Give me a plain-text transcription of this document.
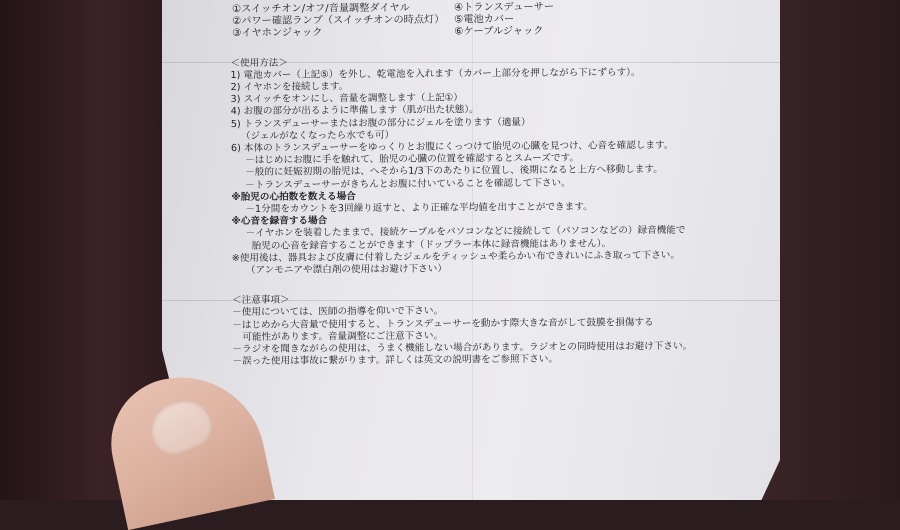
①スイッチオン/オフ/音量調整ダイヤル
②パワー確認ランプ（スイッチオンの時点灯）
③イヤホンジャック
④トランスデューサー
⑤電池カバー
⑥ケーブルジャック
＜使用方法＞
1) 電池カバー（上記⑤）を外し、乾電池を入れます（カバー上部分を押しながら下にずらす）。
2) イヤホンを接続します。
3) スイッチをオンにし、音量を調整します（上記①）
4) お腹の部分が出るように準備します（肌が出た状態）。
5) トランスデューサーまたはお腹の部分にジェルを塗ります（適量）
（ジェルがなくなったら水でも可）
6) 本体のトランスデューサーをゆっくりとお腹にくっつけて胎児の心臓を見つけ、心音を確認します。
－はじめにお腹に手を触れて、胎児の心臓の位置を確認するとスムーズです。
－般的に妊娠初期の胎児は、へそから1/3下のあたりに位置し、後期になると上方へ移動します。
－トランスデューサーがきちんとお腹に付いていることを確認して下さい。
※胎児の心拍数を数える場合
－1分間をカウントを3回繰り返すと、より正確な平均値を出すことができます。
※心音を録音する場合
－イヤホンを装着したままで、接続ケーブルをパソコンなどに接続して（パソコンなどの）録音機能で
胎児の心音を録音することができます（ドップラー本体に録音機能はありません）。
※使用後は、器具および皮膚に付着したジェルをティッシュや柔らかい布できれいにふき取って下さい。
（アンモニアや漂白剤の使用はお避け下さい）
＜注意事項＞
－使用については、医師の指導を仰いで下さい。
－はじめから大音量で使用すると、トランスデューサーを動かす際大きな音がして鼓膜を損傷する
可能性があります。音量調整にご注意下さい。
－ラジオを聞きながらの使用は、うまく機能しない場合があります。ラジオとの同時使用はお避け下さい。
－誤った使用は事故に繋がります。詳しくは英文の説明書をご参照下さい。
